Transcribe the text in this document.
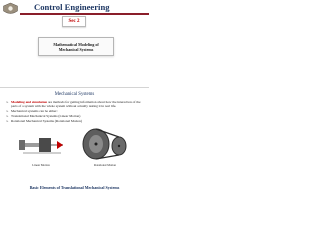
Control Engineering
Sec 2
Mathematical Modeling of
Mechanical Systems
Mechanical Systems
➢ Modeling and simulation are methods for getting information about how the interaction of the parts of a system with the whole system without actually testing it in real life.
➢ Mechanical systems can be either:
➢ Translational Mechanical Systems (Linear Motion)
➢ Rotational Mechanical Systems (Rotational Motion)
Linear Motion	Rotational Motion
Basic Elements of Translational Mechanical Systems
